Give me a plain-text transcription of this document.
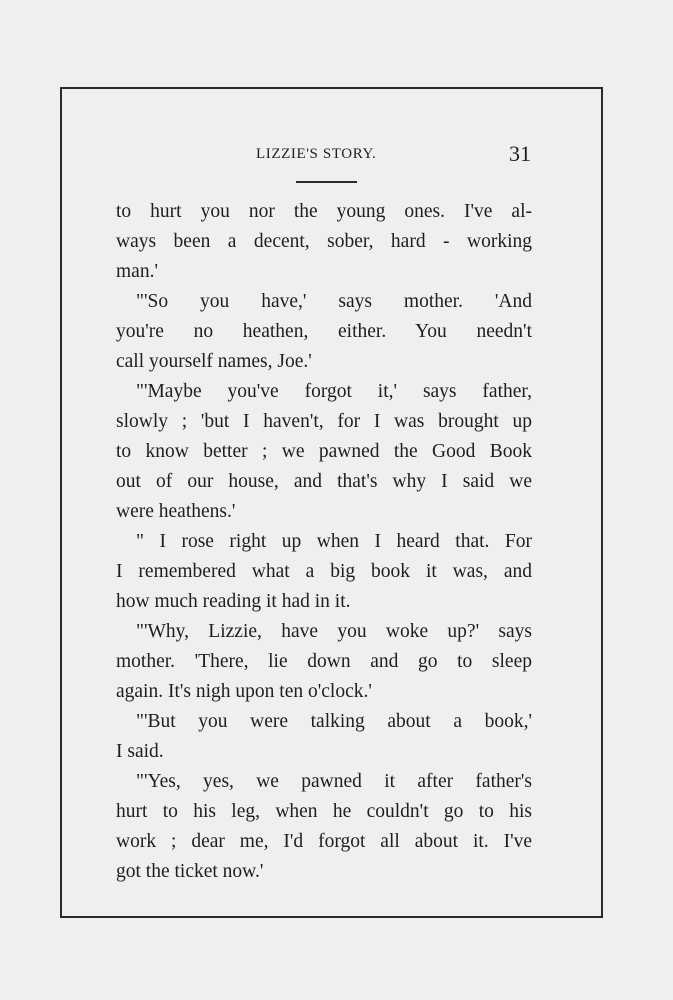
LIZZIE'S STORY.	31
to hurt you nor the young ones. I've al-
ways been a decent, sober, hard - working
man.'
"'So you have,' says mother. 'And
you're no heathen, either. You needn't
call yourself names, Joe.'
"'Maybe you've forgot it,' says father,
slowly ; 'but I haven't, for I was brought up
to know better ; we pawned the Good Book
out of our house, and that's why I said we
were heathens.'
" I rose right up when I heard that. For
I remembered what a big book it was, and
how much reading it had in it.
"'Why, Lizzie, have you woke up?' says
mother. 'There, lie down and go to sleep
again. It's nigh upon ten o'clock.'
"'But you were talking about a book,'
I said.
"'Yes, yes, we pawned it after father's
hurt to his leg, when he couldn't go to his
work ; dear me, I'd forgot all about it. I've
got the ticket now.'
